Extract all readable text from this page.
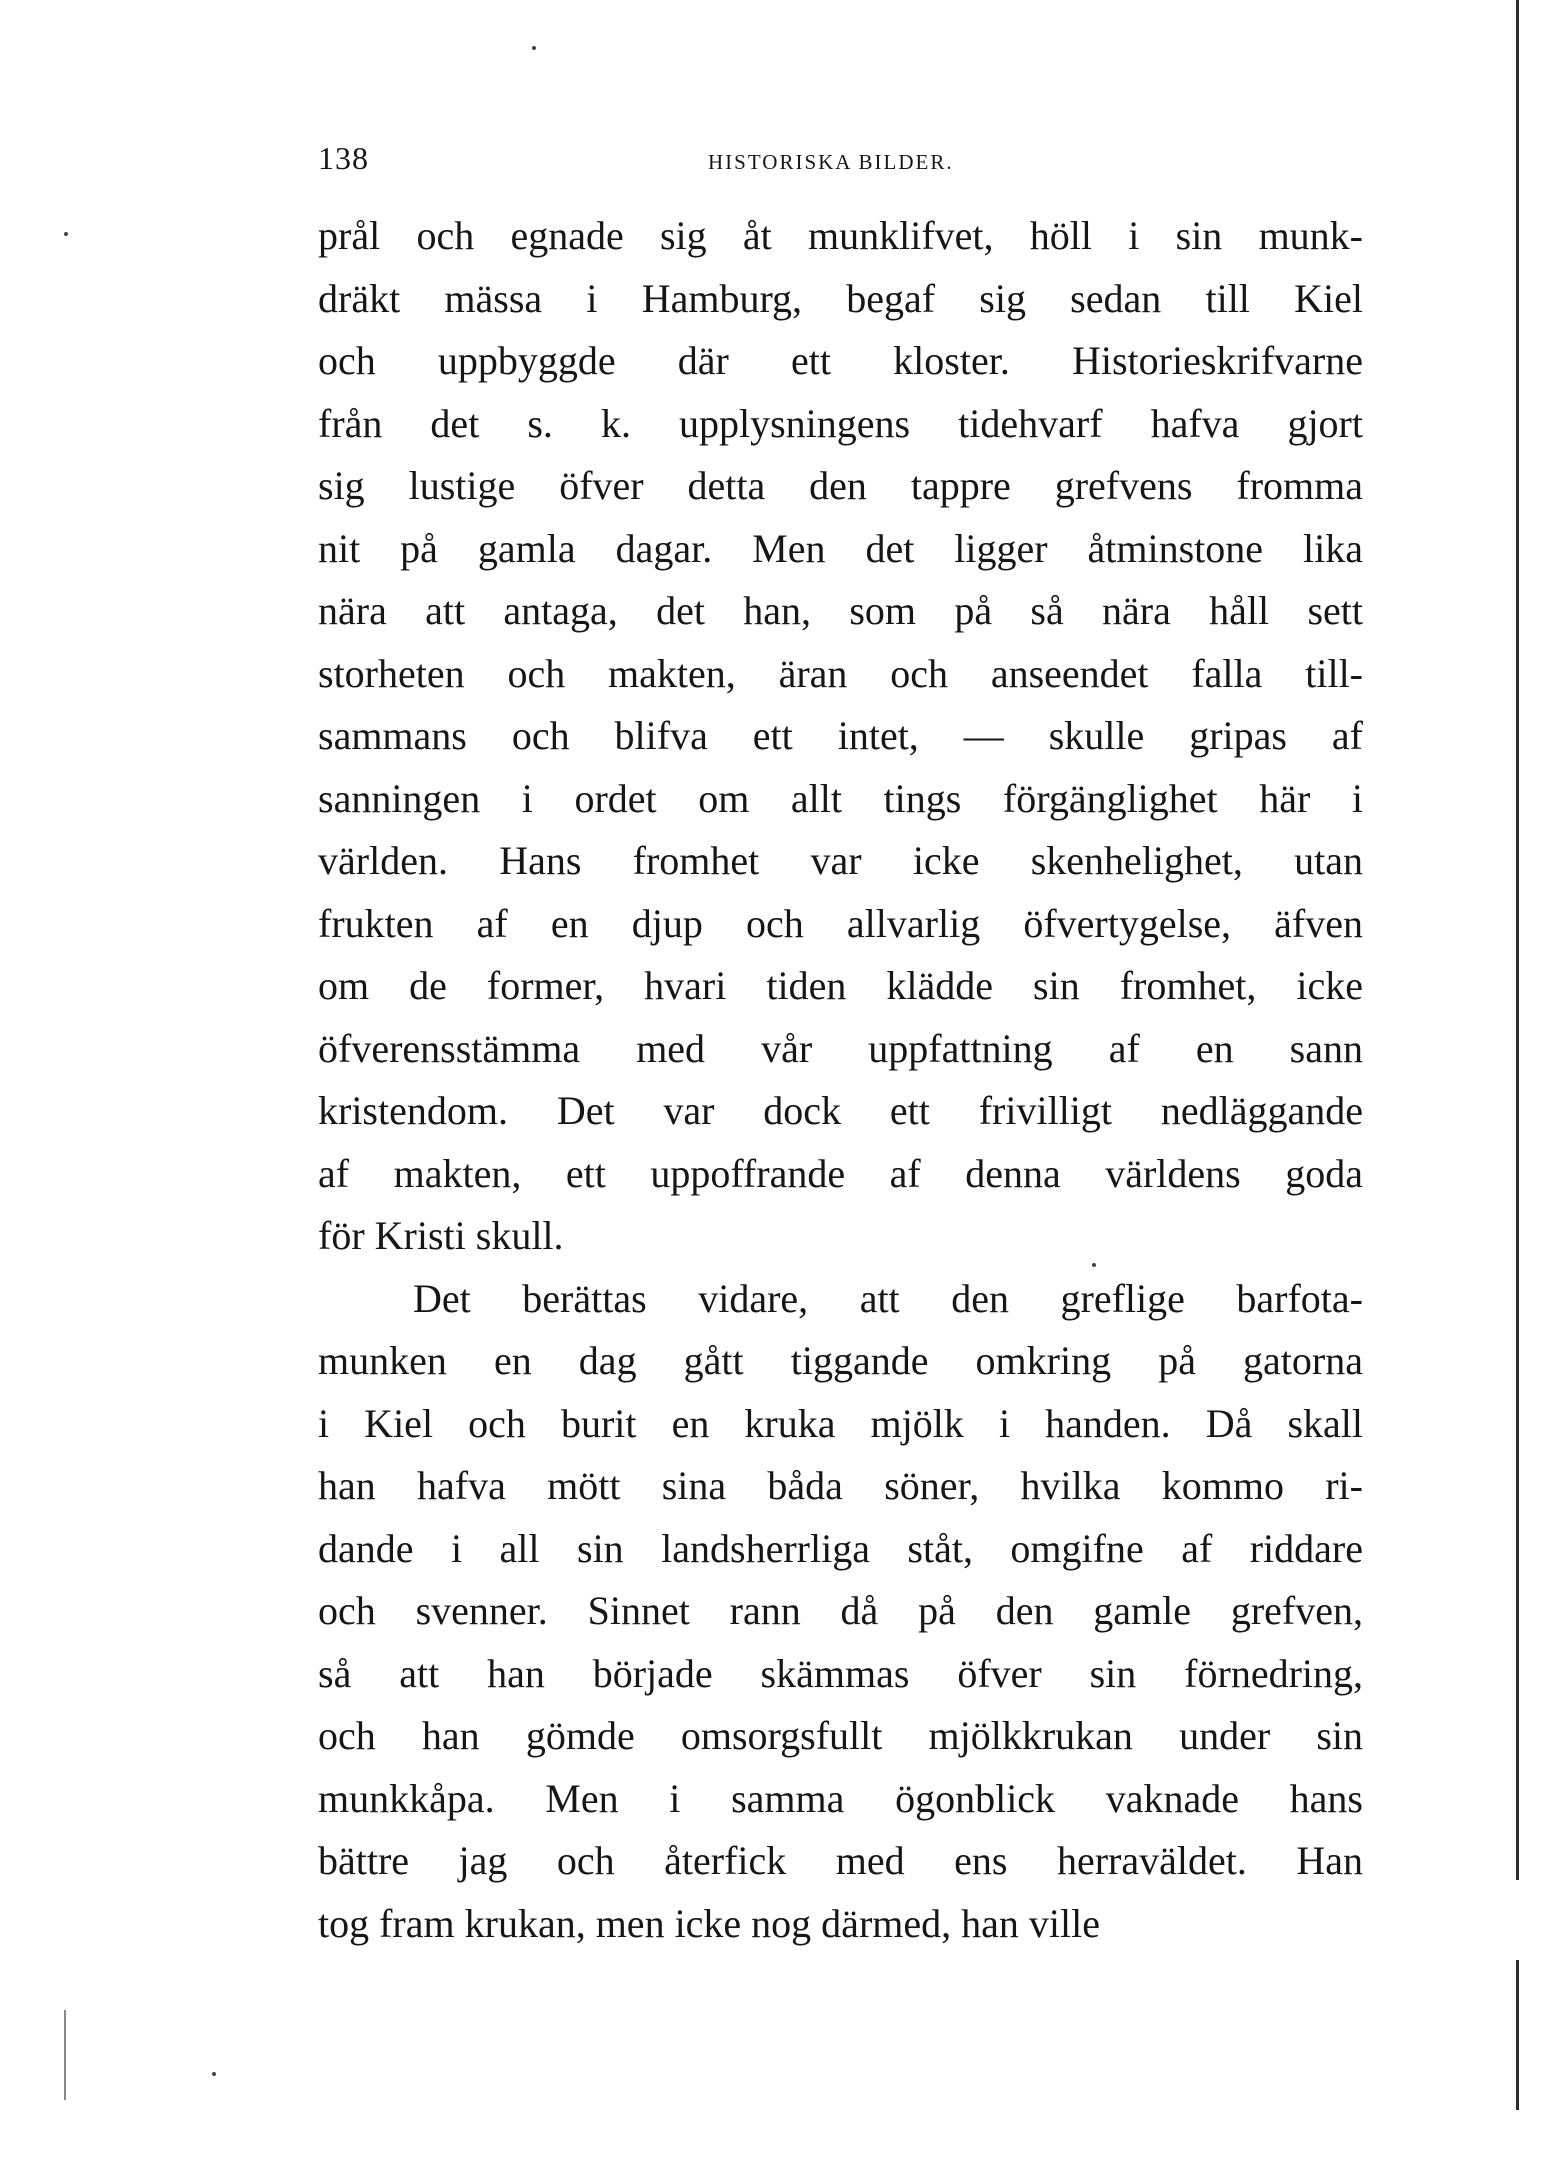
138	HISTORISKA BILDER.
prål och egnade sig åt munklifvet, höll i sin munk-
dräkt mässa i Hamburg, begaf sig sedan till Kiel
och uppbyggde där ett kloster. Historieskrifvarne
från det s. k. upplysningens tidehvarf hafva gjort
sig lustige öfver detta den tappre grefvens fromma
nit på gamla dagar. Men det ligger åtminstone lika
nära att antaga, det han, som på så nära håll sett
storheten och makten, äran och anseendet falla till-
sammans och blifva ett intet, — skulle gripas af
sanningen i ordet om allt tings förgänglighet här i
världen. Hans fromhet var icke skenhelighet, utan
frukten af en djup och allvarlig öfvertygelse, äfven
om de former, hvari tiden klädde sin fromhet, icke
öfverensstämma med vår uppfattning af en sann
kristendom. Det var dock ett frivilligt nedläggande
af makten, ett uppoffrande af denna världens goda
för Kristi skull.
Det berättas vidare, att den greflige barfota-
munken en dag gått tiggande omkring på gatorna
i Kiel och burit en kruka mjölk i handen. Då skall
han hafva mött sina båda söner, hvilka kommo ri-
dande i all sin landsherrliga ståt, omgifne af riddare
och svenner. Sinnet rann då på den gamle grefven,
så att han började skämmas öfver sin förnedring,
och han gömde omsorgsfullt mjölkkrukan under sin
munkkåpa. Men i samma ögonblick vaknade hans
bättre jag och återfick med ens herraväldet. Han
tog fram krukan, men icke nog därmed, han ville
